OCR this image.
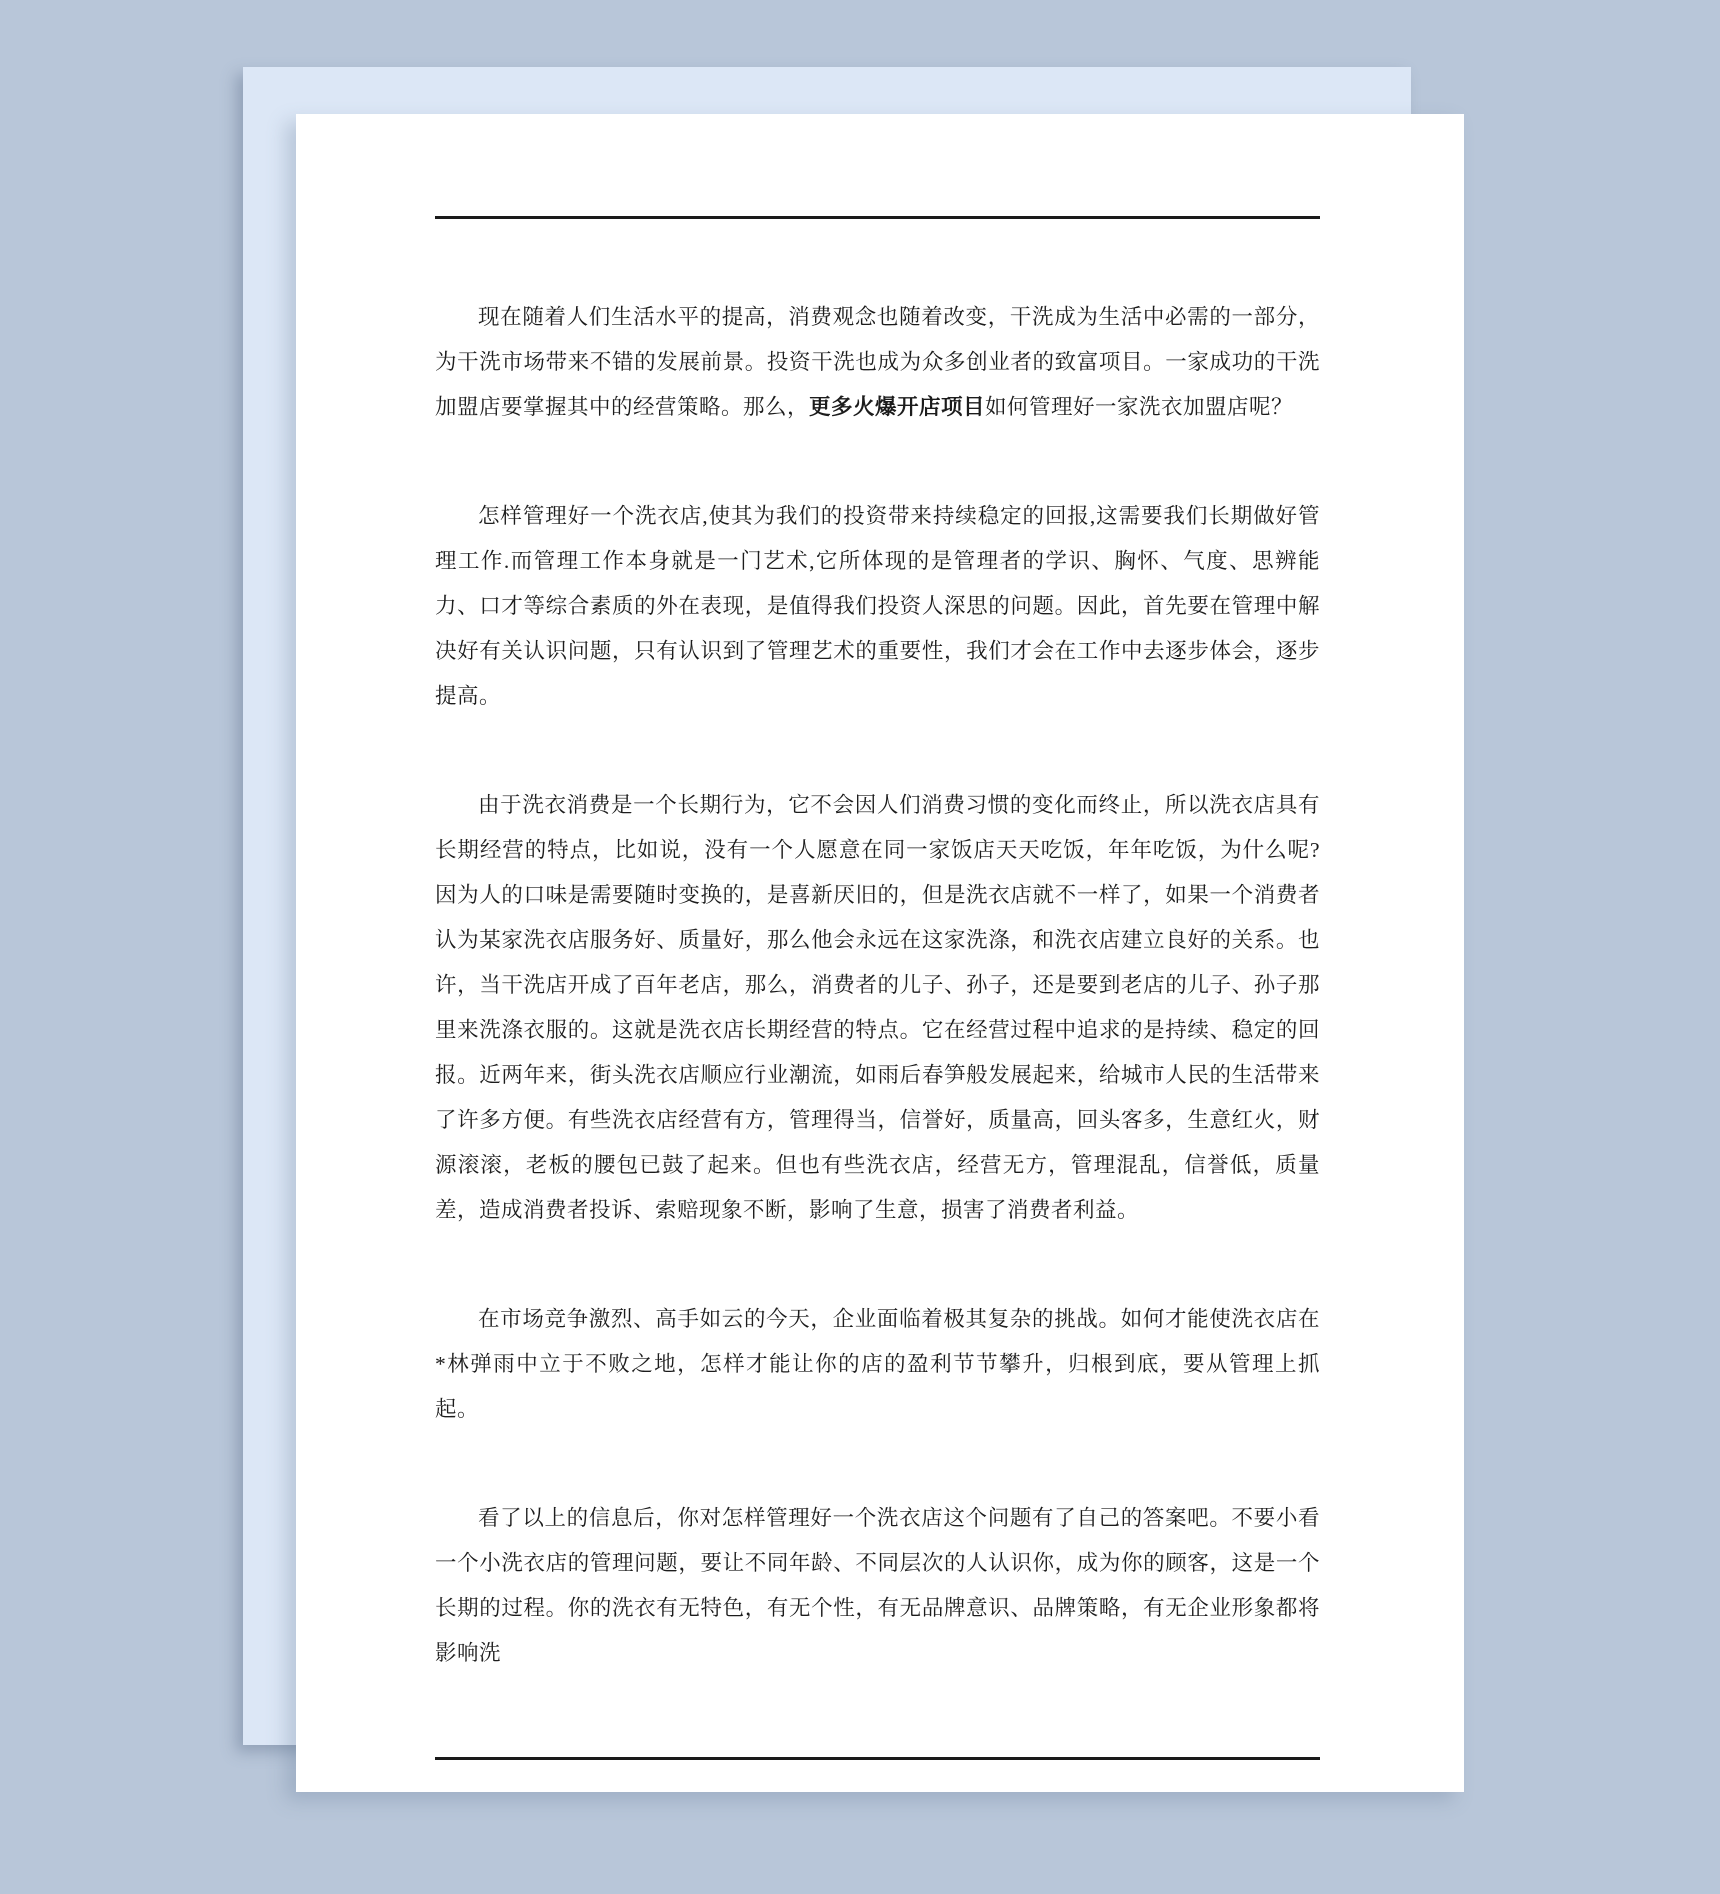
现在随着人们生活水平的提高，消费观念也随着改变，干洗成为生活中必需的一部分，为干洗市场带来不错的发展前景。投资干洗也成为众多创业者的致富项目。一家成功的干洗加盟店要掌握其中的经营策略。那么，更多火爆开店项目如何管理好一家洗衣加盟店呢？

怎样管理好一个洗衣店,使其为我们的投资带来持续稳定的回报,这需要我们长期做好管理工作.而管理工作本身就是一门艺术,它所体现的是管理者的学识、胸怀、气度、思辨能力、口才等综合素质的外在表现，是值得我们投资人深思的问题。因此，首先要在管理中解决好有关认识问题，只有认识到了管理艺术的重要性，我们才会在工作中去逐步体会，逐步提高。

由于洗衣消费是一个长期行为，它不会因人们消费习惯的变化而终止，所以洗衣店具有长期经营的特点，比如说，没有一个人愿意在同一家饭店天天吃饭，年年吃饭，为什么呢?因为人的口味是需要随时变换的，是喜新厌旧的，但是洗衣店就不一样了，如果一个消费者认为某家洗衣店服务好、质量好，那么他会永远在这家洗涤，和洗衣店建立良好的关系。也许，当干洗店开成了百年老店，那么，消费者的儿子、孙子，还是要到老店的儿子、孙子那里来洗涤衣服的。这就是洗衣店长期经营的特点。它在经营过程中追求的是持续、稳定的回报。近两年来，街头洗衣店顺应行业潮流，如雨后春笋般发展起来，给城市人民的生活带来了许多方便。有些洗衣店经营有方，管理得当，信誉好，质量高，回头客多，生意红火，财源滚滚，老板的腰包已鼓了起来。但也有些洗衣店，经营无方，管理混乱，信誉低，质量差，造成消费者投诉、索赔现象不断，影响了生意，损害了消费者利益。

在市场竞争激烈、高手如云的今天，企业面临着极其复杂的挑战。如何才能使洗衣店在*林弹雨中立于不败之地，怎样才能让你的店的盈利节节攀升，归根到底，要从管理上抓起。

看了以上的信息后，你对怎样管理好一个洗衣店这个问题有了自己的答案吧。不要小看一个小洗衣店的管理问题，要让不同年龄、不同层次的人认识你，成为你的顾客，这是一个长期的过程。你的洗衣有无特色，有无个性，有无品牌意识、品牌策略，有无企业形象都将影响洗
